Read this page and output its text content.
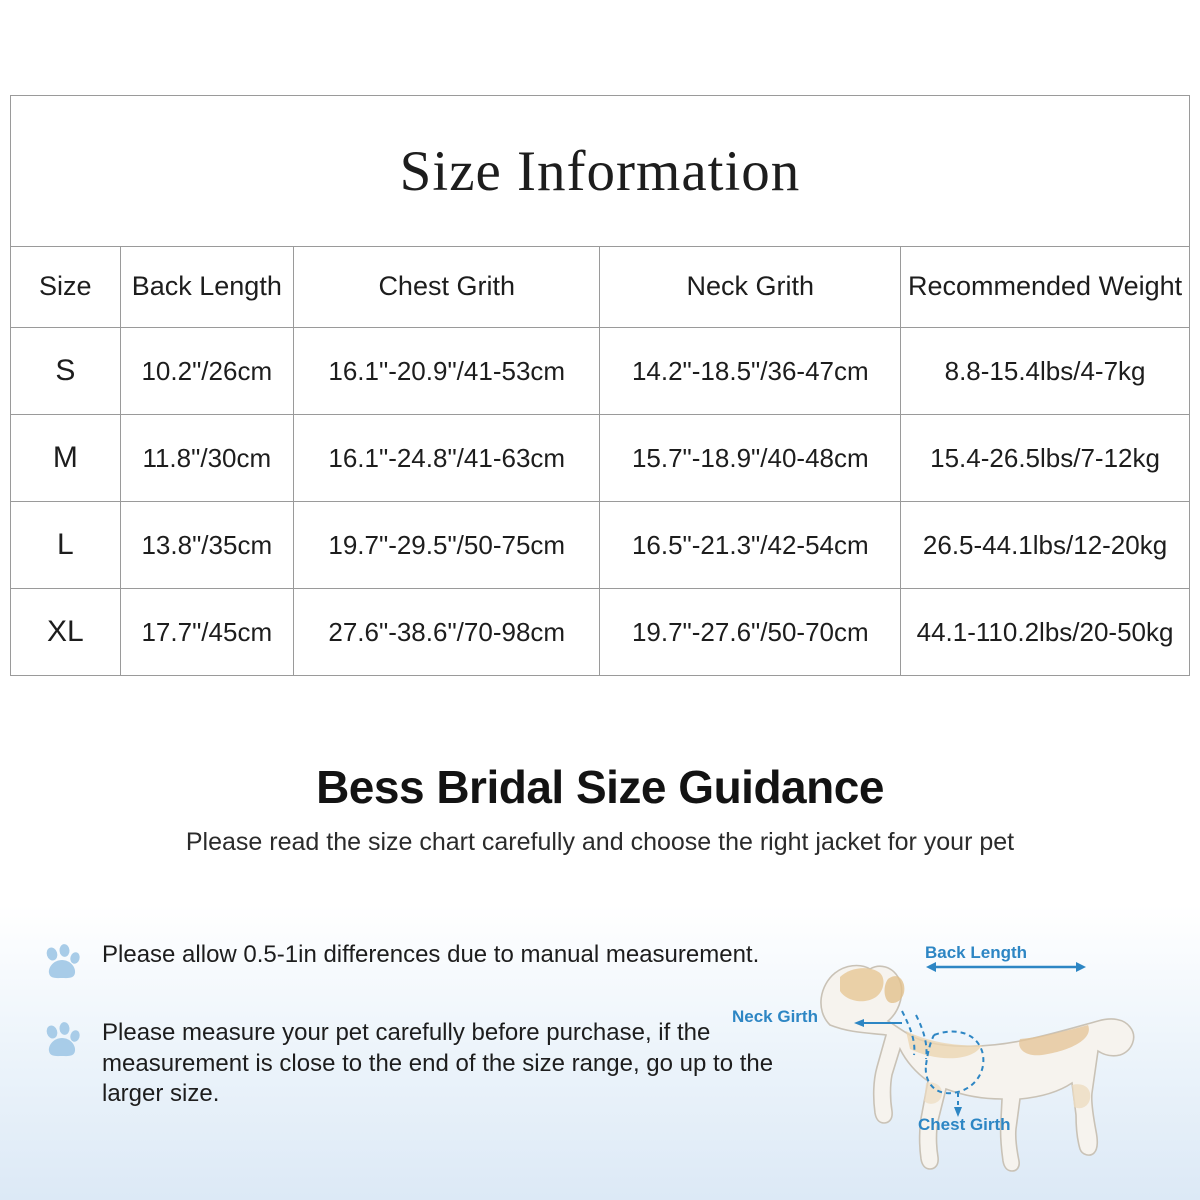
Size Information				
Size	Back Length	Chest Grith	Neck Grith	Recommended Weight
S	10.2"/26cm	16.1"-20.9"/41-53cm	14.2"-18.5"/36-47cm	8.8-15.4lbs/4-7kg
M	11.8"/30cm	16.1"-24.8"/41-63cm	15.7"-18.9"/40-48cm	15.4-26.5lbs/7-12kg
L	13.8"/35cm	19.7"-29.5"/50-75cm	16.5"-21.3"/42-54cm	26.5-44.1lbs/12-20kg
XL	17.7"/45cm	27.6"-38.6"/70-98cm	19.7"-27.6"/50-70cm	44.1-110.2lbs/20-50kg
Bess Bridal Size Guidance
Please read the size chart carefully and choose the right jacket for your pet
Please allow 0.5-1in differences due to manual measurement.
Please measure your pet carefully before purchase, if the measurement is close to the end of the size range, go up to the larger size.
Back Length
Neck Girth
Chest Girth
